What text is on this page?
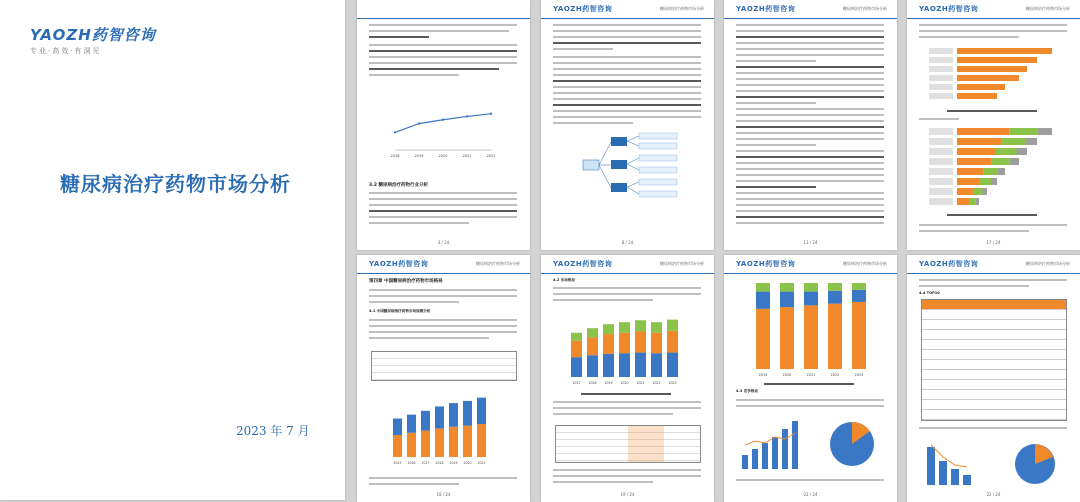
YAOZH药智咨询
专业·高效·有洞见
糖尿病治疗药物市场分析
2023 年 7 月
2018	2019	2020	2021	2022
3.2 糖尿病治疗药物行业分析
3 / 24
YAOZH药智咨询	糖尿病治疗药物市场分析
8 / 24
YAOZH药智咨询	糖尿病治疗药物市场分析
13 / 24
YAOZH药智咨询	糖尿病治疗药物市场分析
17 / 24
YAOZH药智咨询	糖尿病治疗药物市场分析
第四章 中国糖尿病治疗药物市场格局
4.1 中国糖尿病治疗药物市场规模分析
2015 2016 2017 2018 2019 2020 2021
18 / 24
YAOZH药智咨询	糖尿病治疗药物市场分析
4.2 市场格局
2017 2018 2019 2020 2021 2022 2023
19 / 24
YAOZH药智咨询	糖尿病治疗药物市场分析
2019	2020	2021	2022	2023
4.3 竞争格局
22 / 24
YAOZH药智咨询	糖尿病治疗药物市场分析
4.4 TOP10
22 / 24
